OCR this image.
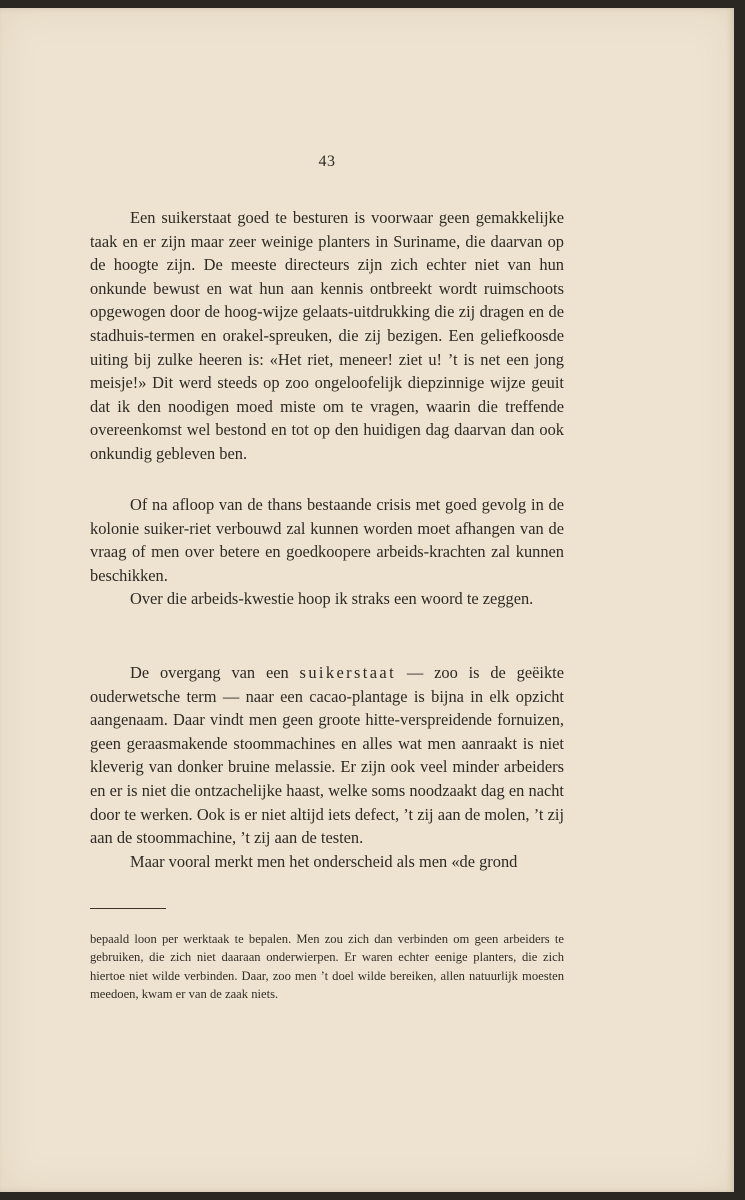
43

Een suikerstaat goed te besturen is voorwaar geen gemakkelijke taak en er zijn maar zeer weinige planters in Suriname, die daarvan op de hoogte zijn. De meeste directeurs zijn zich echter niet van hun onkunde bewust en wat hun aan kennis ontbreekt wordt ruimschoots opgewogen door de hoog-wijze gelaats-uitdrukking die zij dragen en de stadhuis-termen en orakel-spreuken, die zij bezigen. Een geliefkoosde uiting bij zulke heeren is: «Het riet, meneer! ziet u! ’t is net een jong meisje!» Dit werd steeds op zoo ongeloofelijk diepzinnige wijze geuit dat ik den noodigen moed miste om te vragen, waarin die treffende overeenkomst wel bestond en tot op den huidigen dag daarvan dan ook onkundig gebleven ben.

Of na afloop van de thans bestaande crisis met goed gevolg in de kolonie suiker-riet verbouwd zal kunnen worden moet afhangen van de vraag of men over betere en goedkoopere arbeids-krachten zal kunnen beschikken.

Over die arbeids-kwestie hoop ik straks een woord te zeggen.

De overgang van een suikerstaat — zoo is de geëikte ouderwetsche term — naar een cacao-plantage is bijna in elk opzicht aangenaam. Daar vindt men geen groote hitte-verspreidende fornuizen, geen geraasmakende stoommachines en alles wat men aanraakt is niet kleverig van donker bruine melassie. Er zijn ook veel minder arbeiders en er is niet die ontzachelijke haast, welke soms noodzaakt dag en nacht door te werken. Ook is er niet altijd iets defect, ’t zij aan de molen, ’t zij aan de stoommachine, ’t zij aan de testen.

Maar vooral merkt men het onderscheid als men «de grond

bepaald loon per werktaak te bepalen. Men zou zich dan verbinden om geen arbeiders te gebruiken, die zich niet daaraan onderwierpen. Er waren echter eenige planters, die zich hiertoe niet wilde verbinden. Daar, zoo men ’t doel wilde bereiken, allen natuurlijk moesten meedoen, kwam er van de zaak niets.
